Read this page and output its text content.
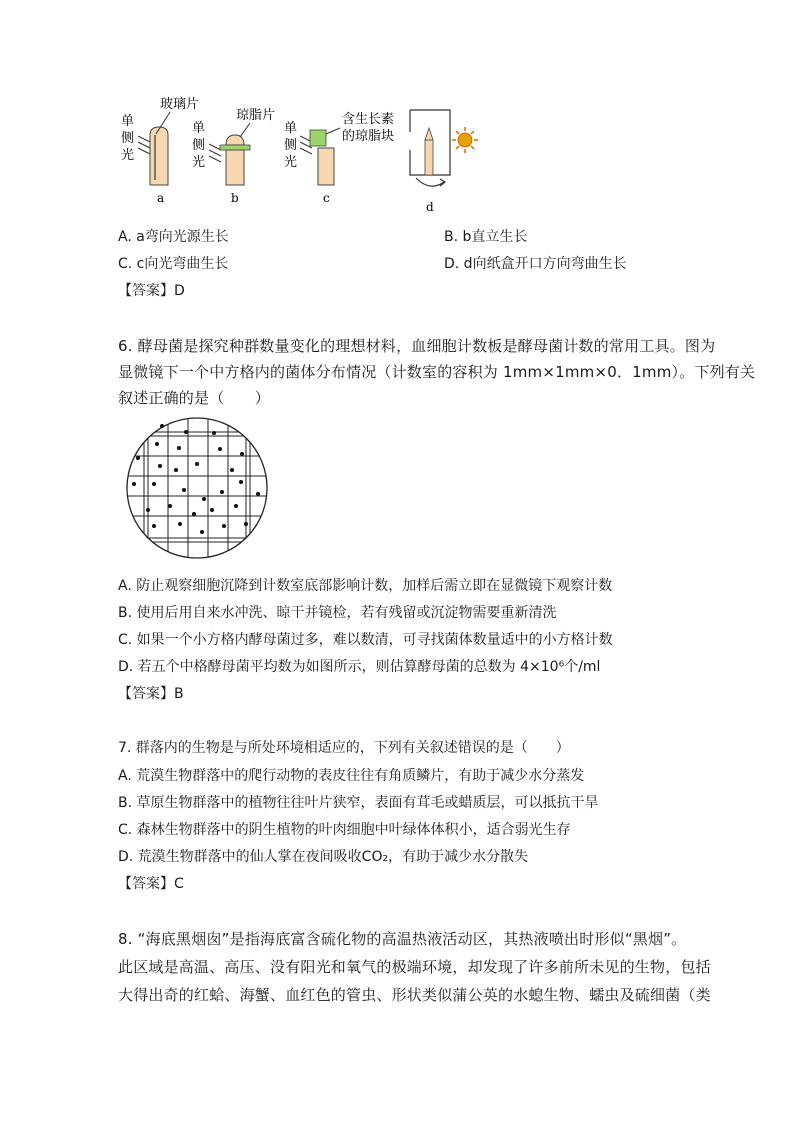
单
侧
光
玻璃片
a
单
侧
光
琼脂片
b
单
侧
光
含生长素
的琼脂块
c
d
A. a弯向光源生长	B. b直立生长
C. c向光弯曲生长	D. d向纸盒开口方向弯曲生长
【答案】D
6. 酵母菌是探究种群数量变化的理想材料，血细胞计数板是酵母菌计数的常用工具。图为
显微镜下一个中方格内的菌体分布情况（计数室的容积为 1mm×1mm×0．1mm）。下列有关
叙述正确的是（　　）
A. 防止观察细胞沉降到计数室底部影响计数，加样后需立即在显微镜下观察计数
B. 使用后用自来水冲洗、晾干并镜检，若有残留或沉淀物需要重新清洗
C. 如果一个小方格内酵母菌过多，难以数清，可寻找菌体数量适中的小方格计数
D. 若五个中格酵母菌平均数为如图所示，则估算酵母菌的总数为 4×10⁶个/ml
【答案】B
7. 群落内的生物是与所处环境相适应的，下列有关叙述错误的是（　　）
A. 荒漠生物群落中的爬行动物的表皮往往有角质鳞片，有助于减少水分蒸发
B. 草原生物群落中的植物往往叶片狭窄，表面有茸毛或蜡质层，可以抵抗干旱
C. 森林生物群落中的阴生植物的叶肉细胞中叶绿体体积小，适合弱光生存
D. 荒漠生物群落中的仙人掌在夜间吸收CO₂，有助于减少水分散失
【答案】C
8. “海底黑烟囱”是指海底富含硫化物的高温热液活动区，其热液喷出时形似“黑烟”。
此区域是高温、高压、没有阳光和氧气的极端环境，却发现了许多前所未见的生物，包括
大得出奇的红蛤、海蟹、血红色的管虫、形状类似蒲公英的水螅生物、蠕虫及硫细菌（类
